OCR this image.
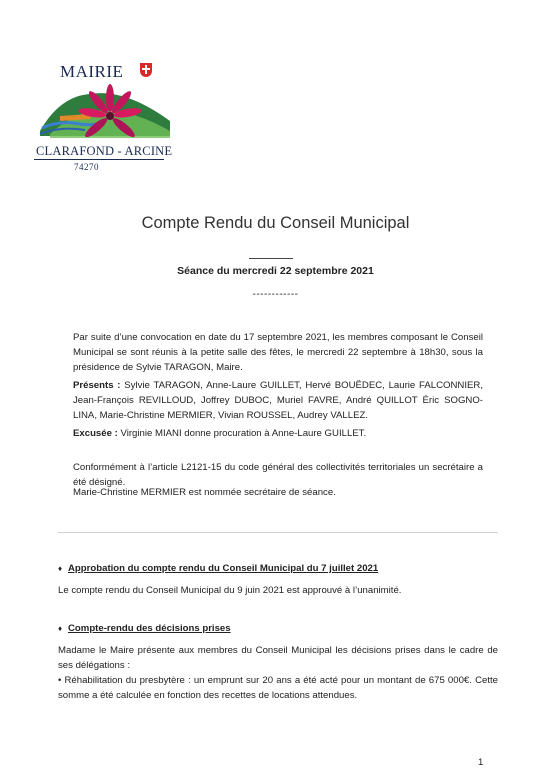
MAIRIE
CLARAFOND - ARCINE
74270
Compte Rendu du Conseil Municipal
Séance du mercredi 22 septembre 2021
------------
Par suite d’une convocation en date du 17 septembre 2021, les membres composant le Conseil Municipal se sont réunis à la petite salle des fêtes, le mercredi 22 septembre à 18h30, sous la présidence de Sylvie TARAGON, Maire.
Présents : Sylvie TARAGON, Anne-Laure GUILLET, Hervé BOUËDEC, Laurie FALCONNIER, Jean-François REVILLOUD, Joffrey DUBOC, Muriel FAVRE, André QUILLOT Éric SOGNO-LINA, Marie-Christine MERMIER, Vivian ROUSSEL, Audrey VALLEZ.
Excusée : Virginie MIANI donne procuration à Anne-Laure GUILLET.
Conformément à l’article L2121-15 du code général des collectivités territoriales un secrétaire a été désigné.
Marie-Christine MERMIER est nommée secrétaire de séance.
♦ Approbation du compte rendu du Conseil Municipal du 7 juillet 2021
Le compte rendu du Conseil Municipal du 9 juin 2021 est approuvé à l’unanimité.
♦ Compte-rendu des décisions prises
Madame le Maire présente aux membres du Conseil Municipal les décisions prises dans le cadre de ses délégations :
• Réhabilitation du presbytère : un emprunt sur 20 ans a été acté pour un montant de 675 000€. Cette somme a été calculée en fonction des recettes de locations attendues.
1
